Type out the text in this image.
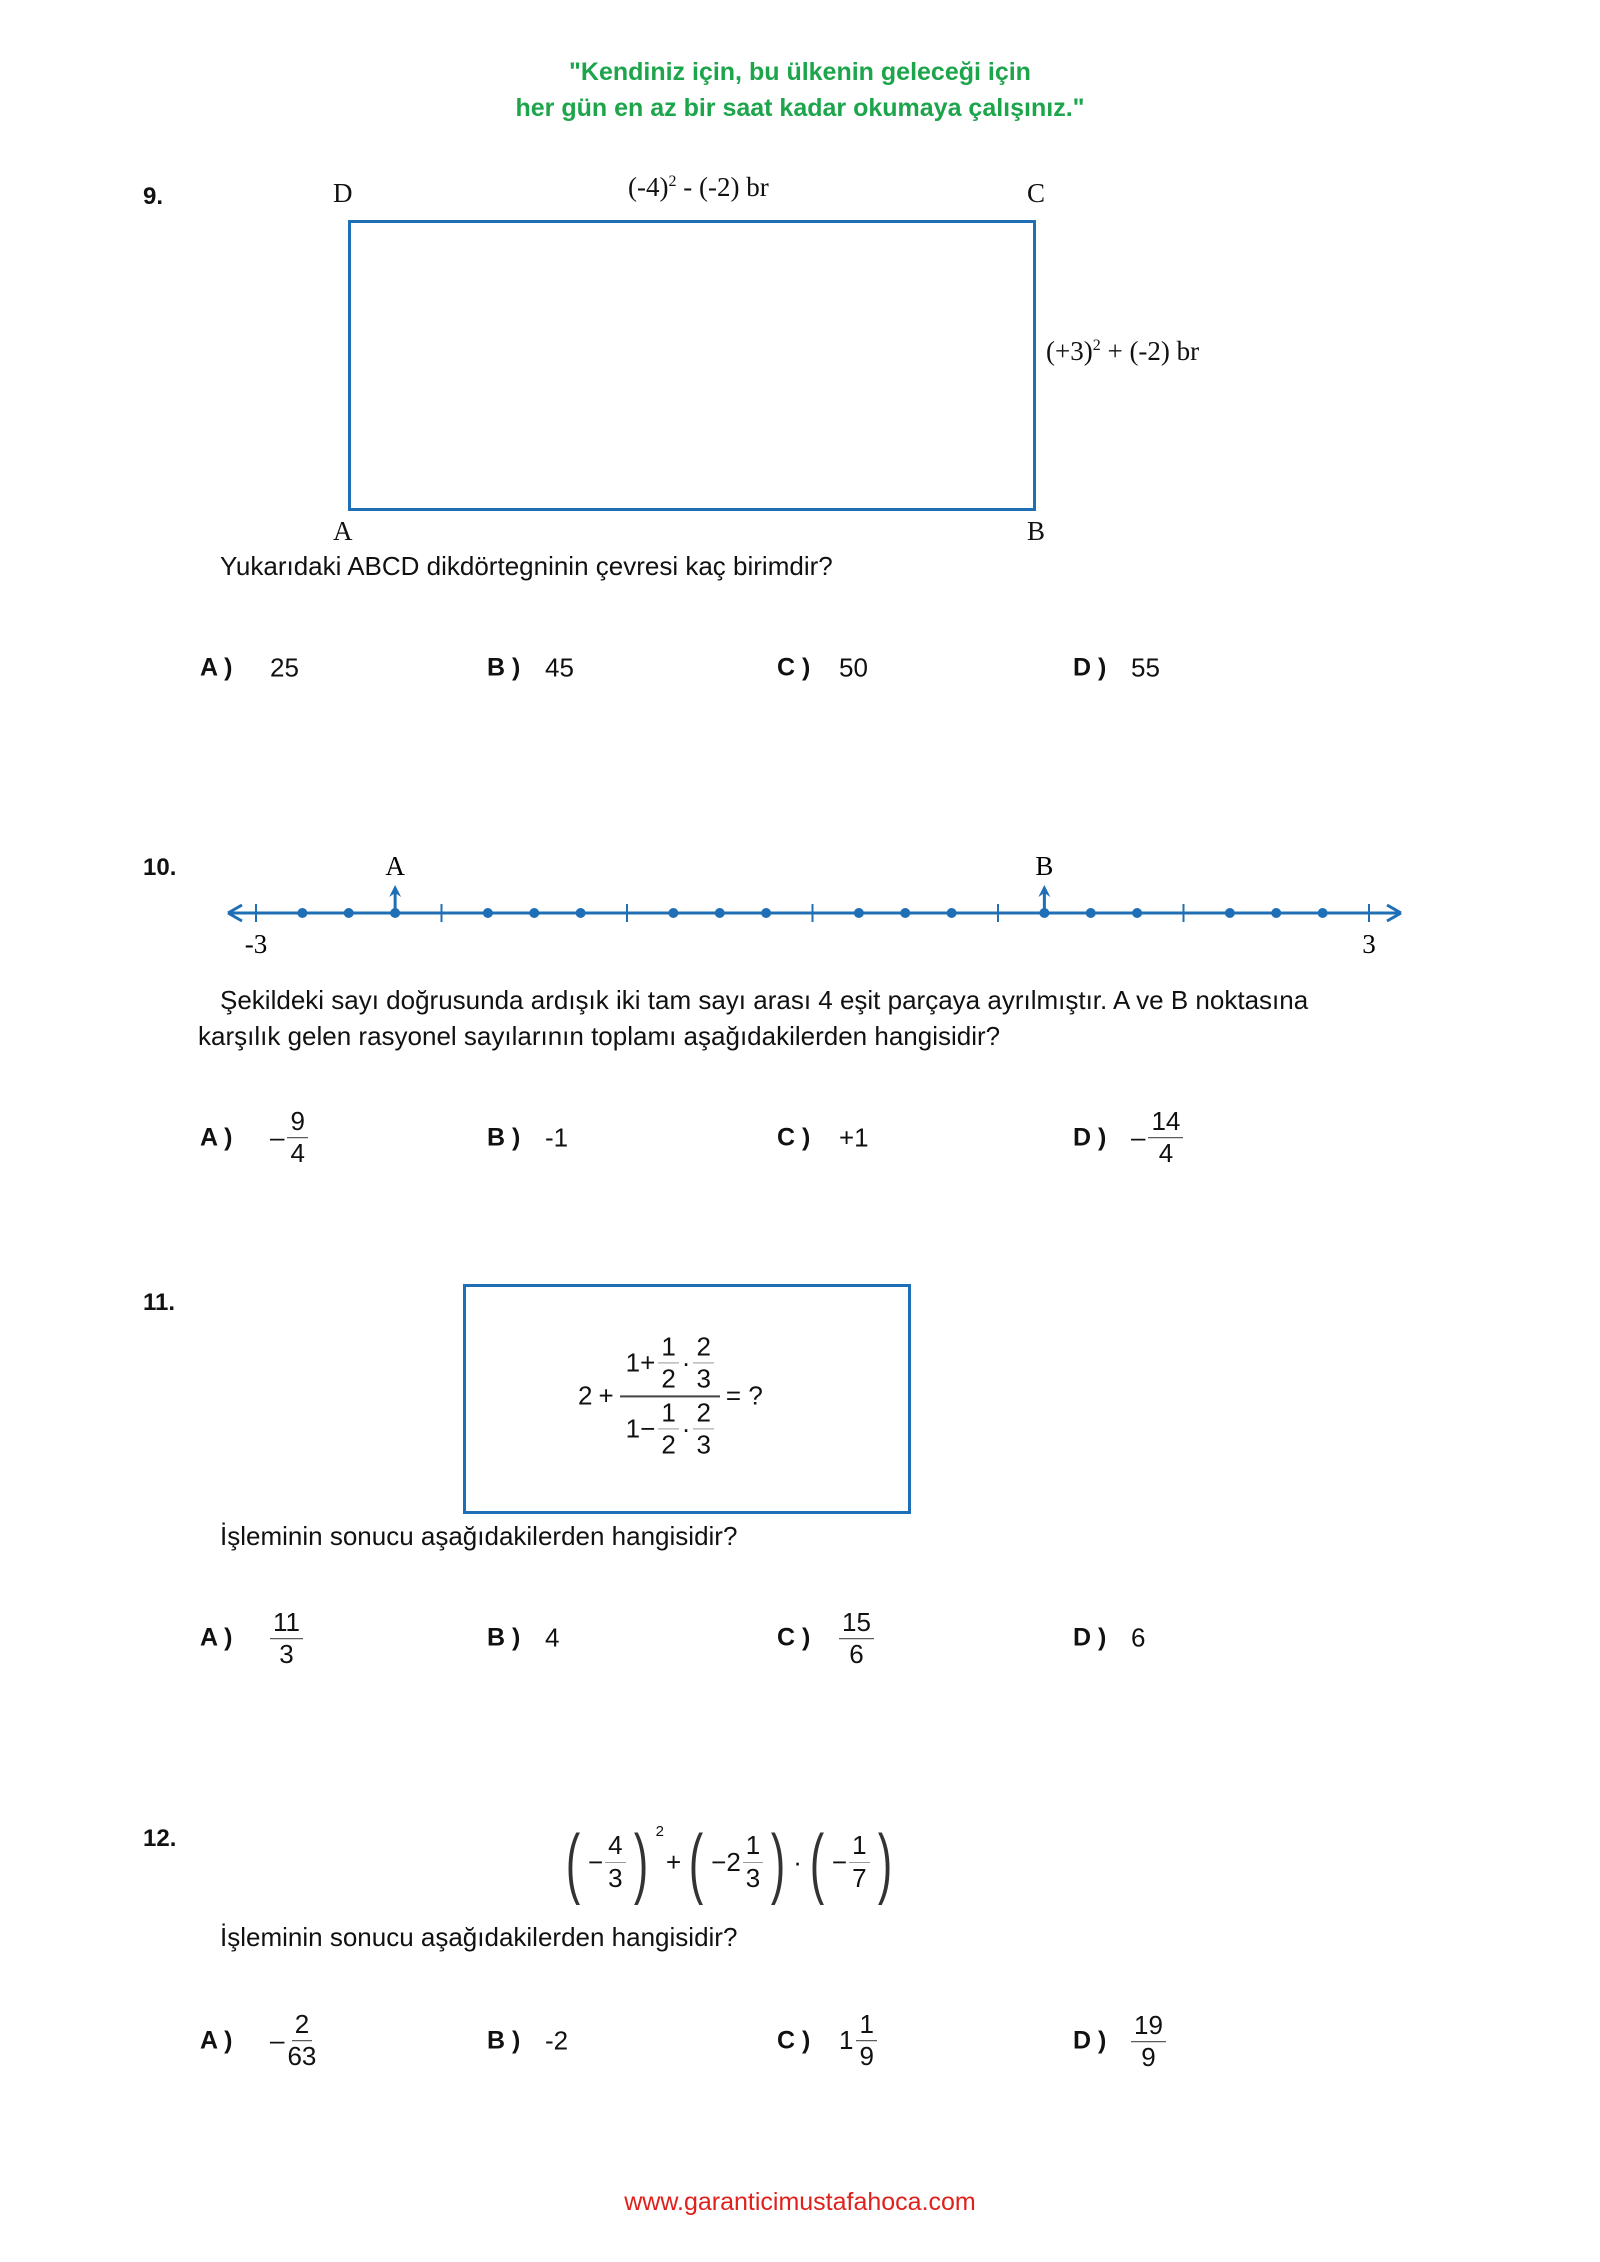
"Kendiniz için, bu ülkenin geleceği için
her gün en az bir saat kadar okumaya çalışınız."
9.	D	C
A	B
$(-4)^2 - (-2)$ br
$(+3)^2 + (-2)$ br
Yukarıdaki ABCD dikdörtegninin çevresi kaç birimdir?
A ) 25	B ) 45	C ) 50	D ) 55
10.
-3	3
A	B
Şekildeki sayı doğrusunda ardışık iki tam sayı arası 4 eşit parçaya ayrılmıştır. A ve B noktasına
karşılık gelen rasyonel sayılarının toplamı aşağıdakilerden hangisidir?
A ) – $\frac{9}{4}$	B ) -1	C ) +1	D ) – $\frac{14}{4}$
11.
$2 + \frac{1+ \frac{1}{2} \cdot \frac{2}{3}}{1- \frac{1}{2} \cdot \frac{2}{3}}$ = ?
İşleminin sonucu aşağıdakilerden hangisidir?
A ) $\frac{11}{3}$	B ) 4	C ) $\frac{15}{6}$	D ) 6
12.	( − $\frac{4}{3}$ ) $^2$
+ ( $-2 \frac{1}{3}$ ) · ( − $\frac{1}{7}$ )
İşleminin sonucu aşağıdakilerden hangisidir?
A ) – $\frac{2}{63}$	B ) -2	C ) $1 \frac{1}{9}$	D ) $\frac{19}{9}$
www.garanticimustafahoca.com
